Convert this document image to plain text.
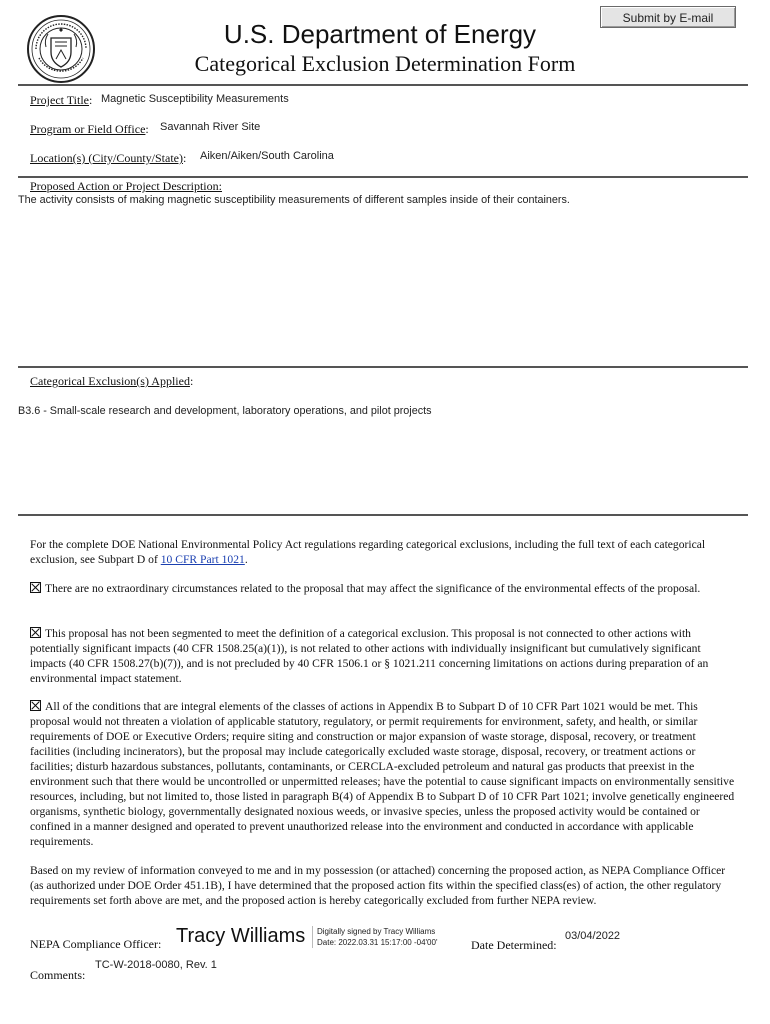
U.S. Department of Energy
Categorical Exclusion Determination Form
Submit by E-mail
Project Title: Magnetic Susceptibility Measurements
Program or Field Office: Savannah River Site
Location(s) (City/County/State): Aiken/Aiken/South Carolina
Proposed Action or Project Description:
The activity consists of making magnetic susceptibility measurements of different samples inside of their containers.
Categorical Exclusion(s) Applied:
B3.6 - Small-scale research and development, laboratory operations, and pilot projects
For the complete DOE National Environmental Policy Act regulations regarding categorical exclusions, including the full text of each categorical exclusion, see Subpart D of 10 CFR Part 1021.
There are no extraordinary circumstances related to the proposal that may affect the significance of the environmental effects of the proposal.
This proposal has not been segmented to meet the definition of a categorical exclusion. This proposal is not connected to other actions with potentially significant impacts (40 CFR 1508.25(a)(1)), is not related to other actions with individually insignificant but cumulatively significant impacts (40 CFR 1508.27(b)(7)), and is not precluded by 40 CFR 1506.1 or § 1021.211 concerning limitations on actions during preparation of an environmental impact statement.
All of the conditions that are integral elements of the classes of actions in Appendix B to Subpart D of 10 CFR Part 1021 would be met. This proposal would not threaten a violation of applicable statutory, regulatory, or permit requirements for environment, safety, and health, or similar requirements of DOE or Executive Orders; require siting and construction or major expansion of waste storage, disposal, recovery, or treatment facilities (including incinerators), but the proposal may include categorically excluded waste storage, disposal, recovery, or treatment actions or facilities; disturb hazardous substances, pollutants, contaminants, or CERCLA-excluded petroleum and natural gas products that preexist in the environment such that there would be uncontrolled or unpermitted releases; have the potential to cause significant impacts on environmentally sensitive resources, including, but not limited to, those listed in paragraph B(4) of Appendix B to Subpart D of 10 CFR Part 1021; involve genetically engineered organisms, synthetic biology, governmentally designated noxious weeds, or invasive species, unless the proposed activity would be contained or confined in a manner designed and operated to prevent unauthorized release into the environment and conducted in accordance with applicable requirements.
Based on my review of information conveyed to me and in my possession (or attached) concerning the proposed action, as NEPA Compliance Officer (as authorized under DOE Order 451.1B), I have determined that the proposed action fits within the specified class(es) of action, the other regulatory requirements set forth above are met, and the proposed action is hereby categorically excluded from further NEPA review.
NEPA Compliance Officer: Tracy Williams Digitally signed by Tracy Williams
Date: 2022.03.31 15:17:00 -04'00'	Date Determined:
03/04/2022
Comments:
TC-W-2018-0080, Rev. 1
